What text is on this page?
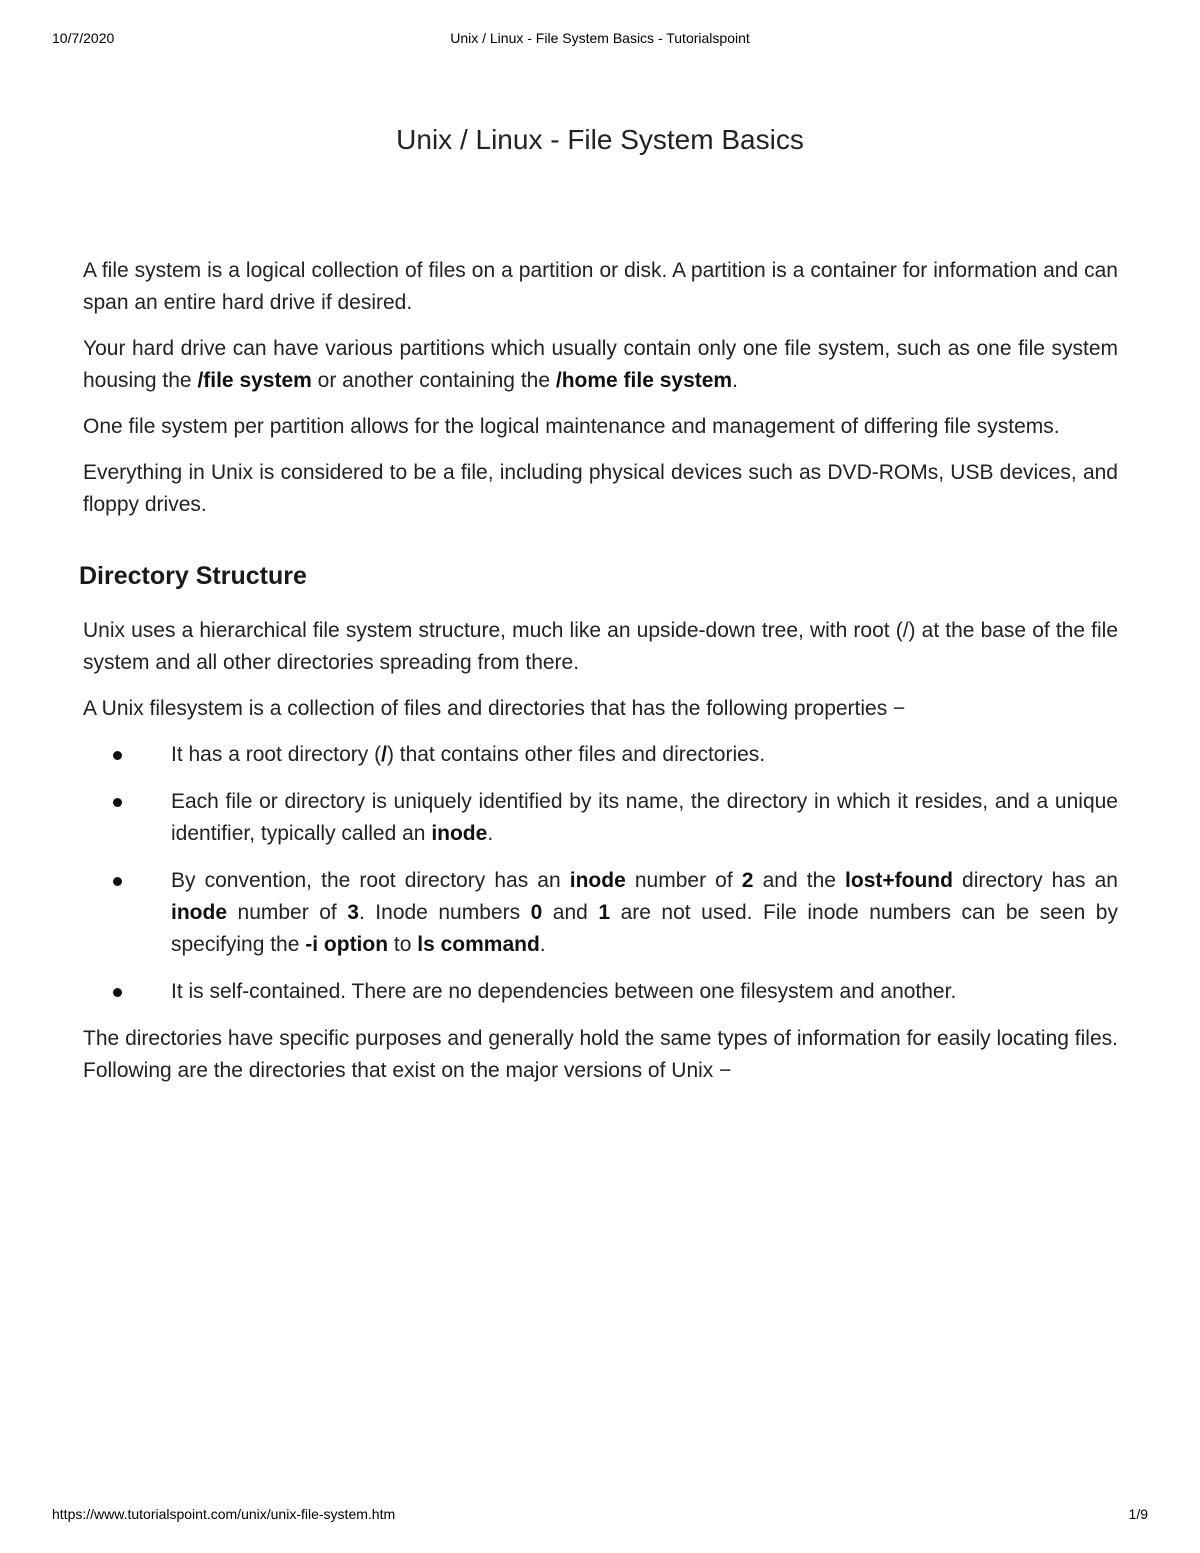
10/7/2020	Unix / Linux - File System Basics - Tutorialspoint
Unix / Linux - File System Basics

A file system is a logical collection of files on a partition or disk. A partition is a container for information and can span an entire hard drive if desired.

Your hard drive can have various partitions which usually contain only one file system, such as one file system housing the /file system or another containing the /home file system.

One file system per partition allows for the logical maintenance and management of differing file systems.

Everything in Unix is considered to be a file, including physical devices such as DVD-ROMs, USB devices, and floppy drives.

Directory Structure

Unix uses a hierarchical file system structure, much like an upside-down tree, with root (/) at the base of the file system and all other directories spreading from there.

A Unix filesystem is a collection of files and directories that has the following properties −

It has a root directory (/) that contains other files and directories.
Each file or directory is uniquely identified by its name, the directory in which it resides, and a unique identifier, typically called an inode.
By convention, the root directory has an inode number of 2 and the lost+found directory has an inode number of 3. Inode numbers 0 and 1 are not used. File inode numbers can be seen by specifying the -i option to ls command.
It is self-contained. There are no dependencies between one filesystem and another.

The directories have specific purposes and generally hold the same types of information for easily locating files. Following are the directories that exist on the major versions of Unix −

https://www.tutorialspoint.com/unix/unix-file-system.htm	1/9
